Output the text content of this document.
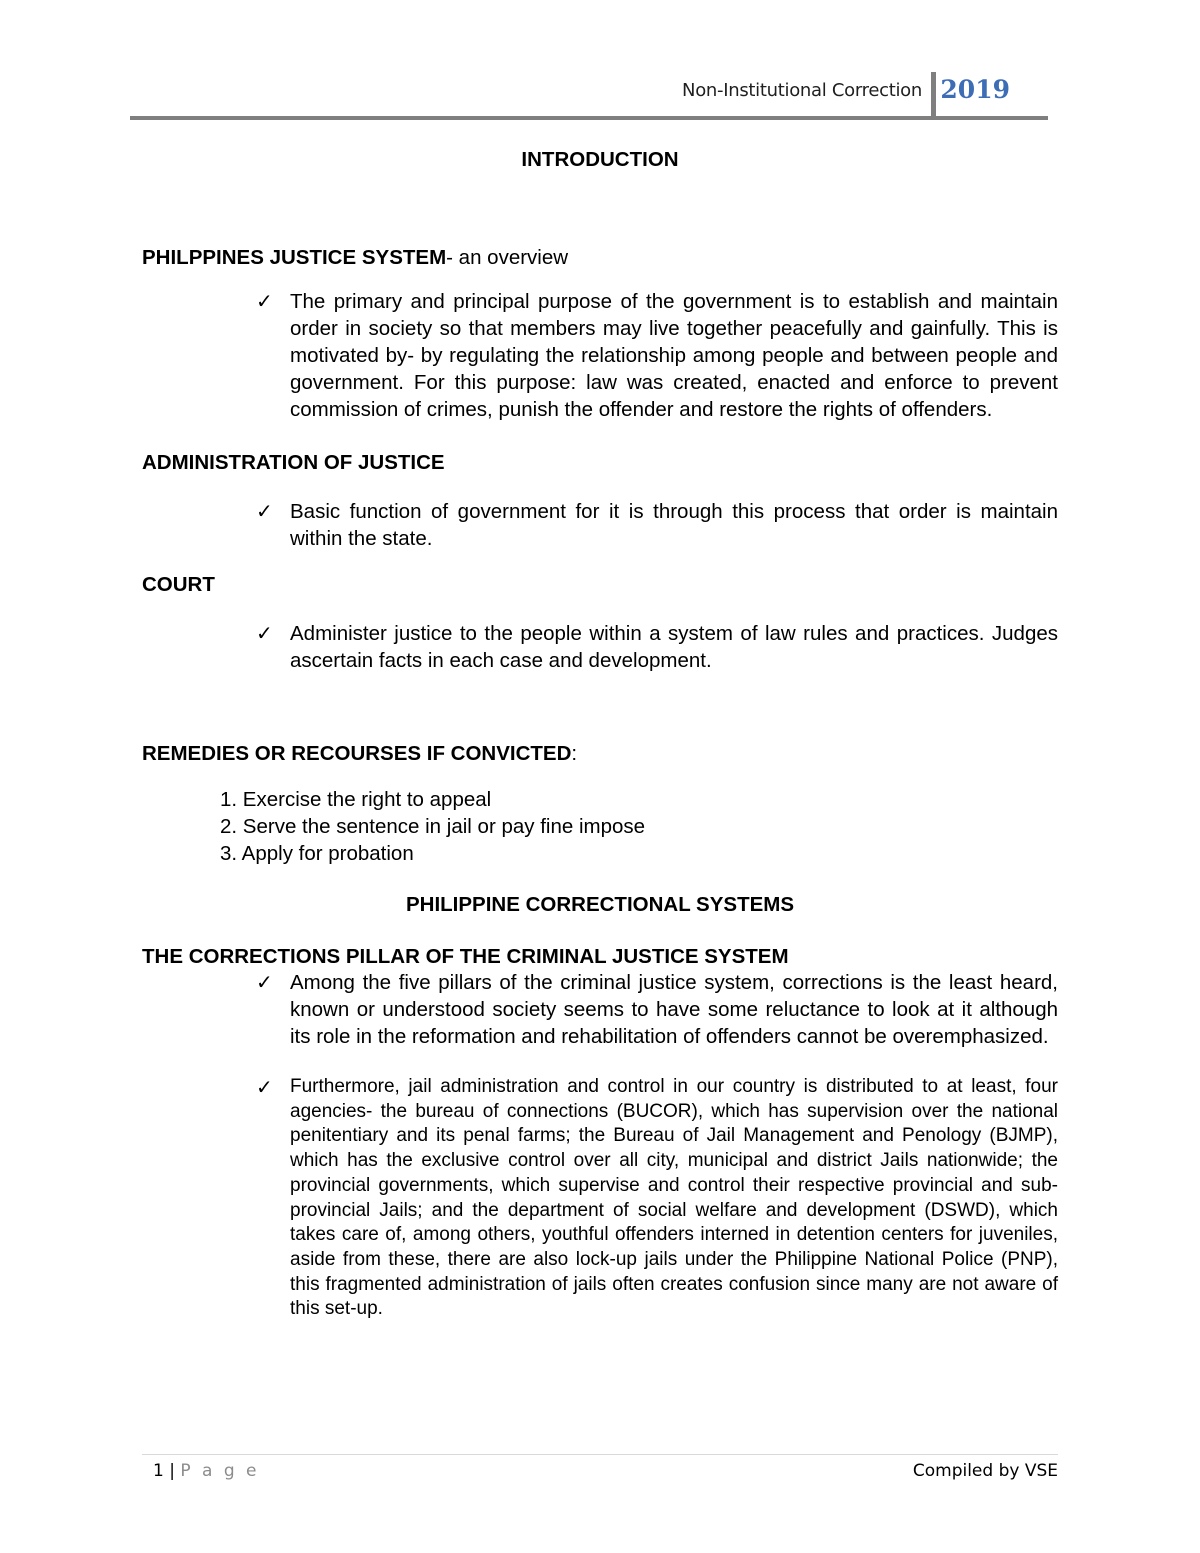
Non-Institutional Correction 2019

INTRODUCTION

PHILPPINES JUSTICE SYSTEM- an overview

✓ The primary and principal purpose of the government is to establish and maintain order in society so that members may live together peacefully and gainfully. This is motivated by- by regulating the relationship among people and between people and government. For this purpose: law was created, enacted and enforce to prevent commission of crimes, punish the offender and restore the rights of offenders.

ADMINISTRATION OF JUSTICE

✓ Basic function of government for it is through this process that order is maintain within the state.

COURT

✓ Administer justice to the people within a system of law rules and practices. Judges ascertain facts in each case and development.

REMEDIES OR RECOURSES IF CONVICTED:

1. Exercise the right to appeal

2. Serve the sentence in jail or pay fine impose

3. Apply for probation

PHILIPPINE CORRECTIONAL SYSTEMS

THE CORRECTIONS PILLAR OF THE CRIMINAL JUSTICE SYSTEM

✓ Among the five pillars of the criminal justice system, corrections is the least heard, known or understood society seems to have some reluctance to look at it although its role in the reformation and rehabilitation of offenders cannot be overemphasized.

✓ Furthermore, jail administration and control in our country is distributed to at least, four agencies- the bureau of connections (BUCOR), which has supervision over the national penitentiary and its penal farms; the Bureau of Jail Management and Penology (BJMP), which has the exclusive control over all city, municipal and district Jails nationwide; the provincial governments, which supervise and control their respective provincial and sub-provincial Jails; and the department of social welfare and development (DSWD), which takes care of, among others, youthful offenders interned in detention centers for juveniles, aside from these, there are also lock-up jails under the Philippine National Police (PNP), this fragmented administration of jails often creates confusion since many are not aware of this set-up.

1 | P a g e	Compiled by VSE
